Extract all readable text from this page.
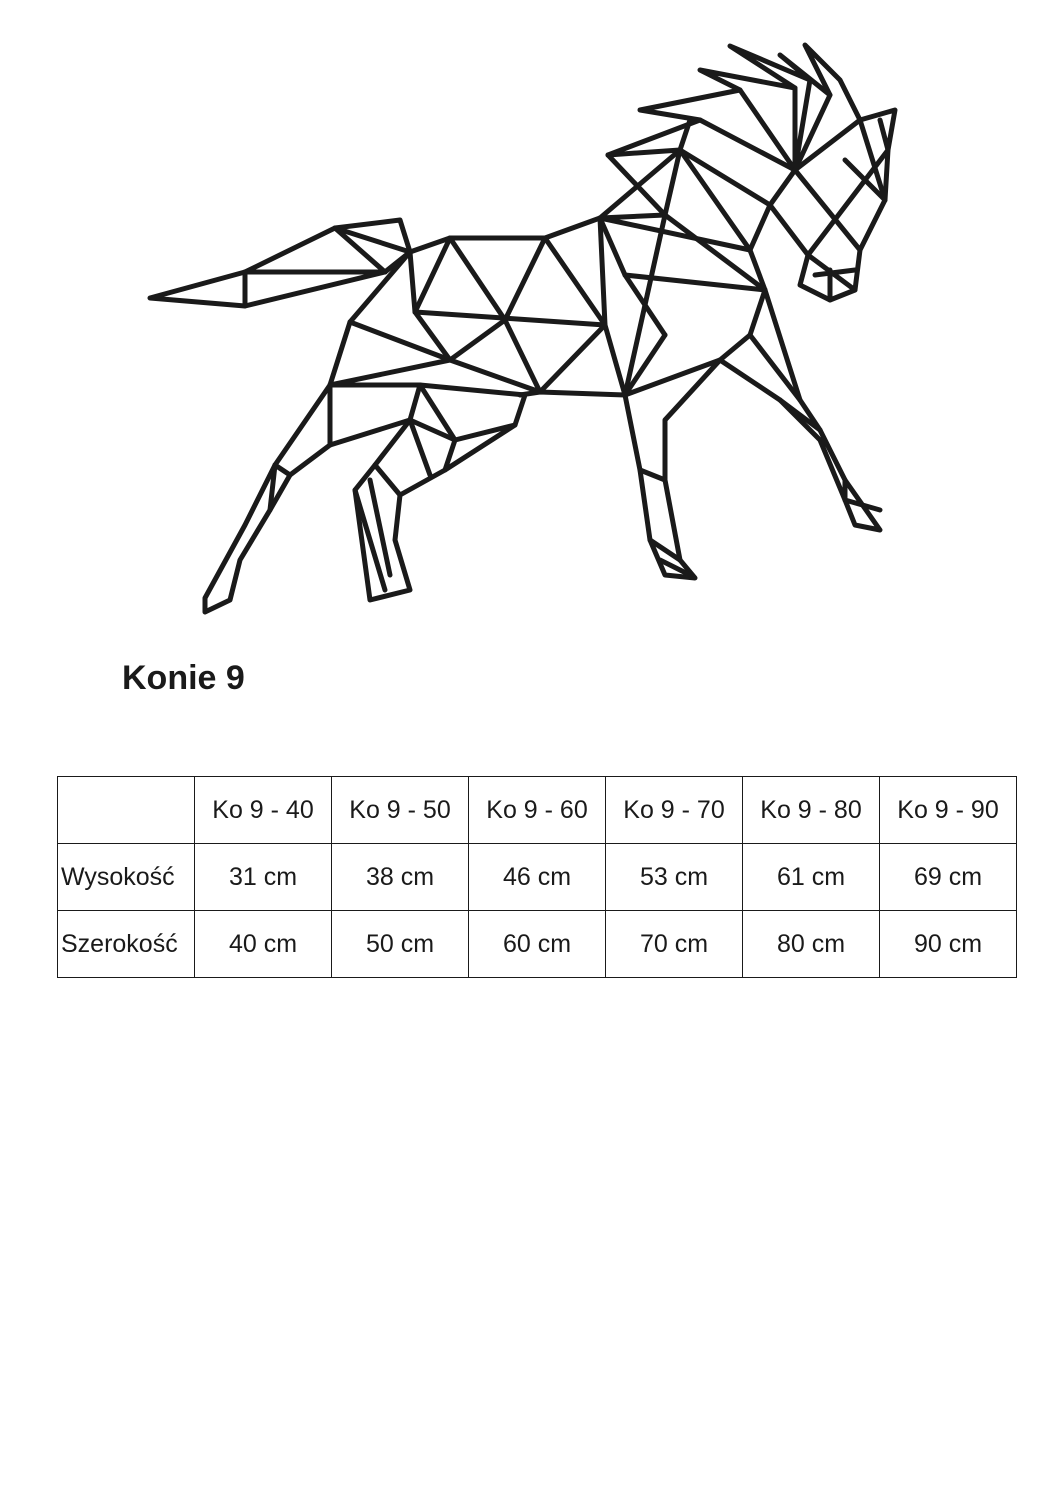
Konie 9
	Ko 9 - 40	Ko 9 - 50	Ko 9 - 60	Ko 9 - 70	Ko 9 - 80	Ko 9 - 90
Wysokość	31 cm	38 cm	46 cm	53 cm	61 cm	69 cm
Szerokość	40 cm	50 cm	60 cm	70 cm	80 cm	90 cm
